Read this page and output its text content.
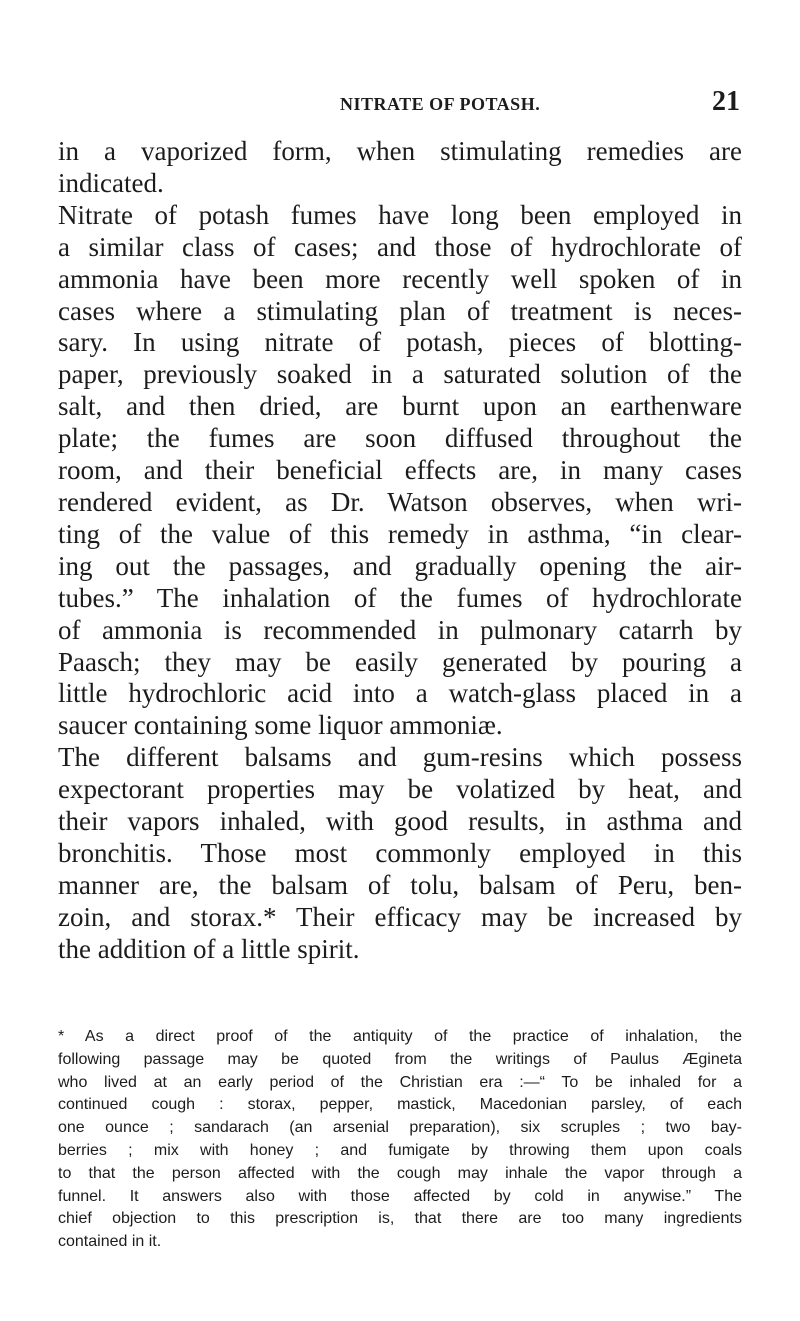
NITRATE OF POTASH.	21
in a vaporized form, when stimulating remedies are
indicated.
Nitrate of potash fumes have long been employed in
a similar class of cases; and those of hydrochlorate of
ammonia have been more recently well spoken of in
cases where a stimulating plan of treatment is neces-
sary. In using nitrate of potash, pieces of blotting-
paper, previously soaked in a saturated solution of the
salt, and then dried, are burnt upon an earthenware
plate; the fumes are soon diffused throughout the
room, and their beneficial effects are, in many cases
rendered evident, as Dr. Watson observes, when wri-
ting of the value of this remedy in asthma, “in clear-
ing out the passages, and gradually opening the air-
tubes.” The inhalation of the fumes of hydrochlorate
of ammonia is recommended in pulmonary catarrh by
Paasch; they may be easily generated by pouring a
little hydrochloric acid into a watch-glass placed in a
saucer containing some liquor ammoniæ.
The different balsams and gum-resins which possess
expectorant properties may be volatized by heat, and
their vapors inhaled, with good results, in asthma and
bronchitis. Those most commonly employed in this
manner are, the balsam of tolu, balsam of Peru, ben-
zoin, and storax.* Their efficacy may be increased by
the addition of a little spirit.
* As a direct proof of the antiquity of the practice of inhalation, the
following passage may be quoted from the writings of Paulus Æginetа
who lived at an early period of the Christian era :—“ To be inhaled for a
continued cough : storax, pepper, mastick, Macedonian parsley, of each
one ounce ; sandarach (an arsenial preparation), six scruples ; two bay-
berries ; mix with honey ; and fumigate by throwing them upon coals
to that the person affected with the cough may inhale the vapor through a
funnel. It answers also with those affected by cold in anywise.” The
chief objection to this prescription is, that there are too many ingredients
contained in it.
